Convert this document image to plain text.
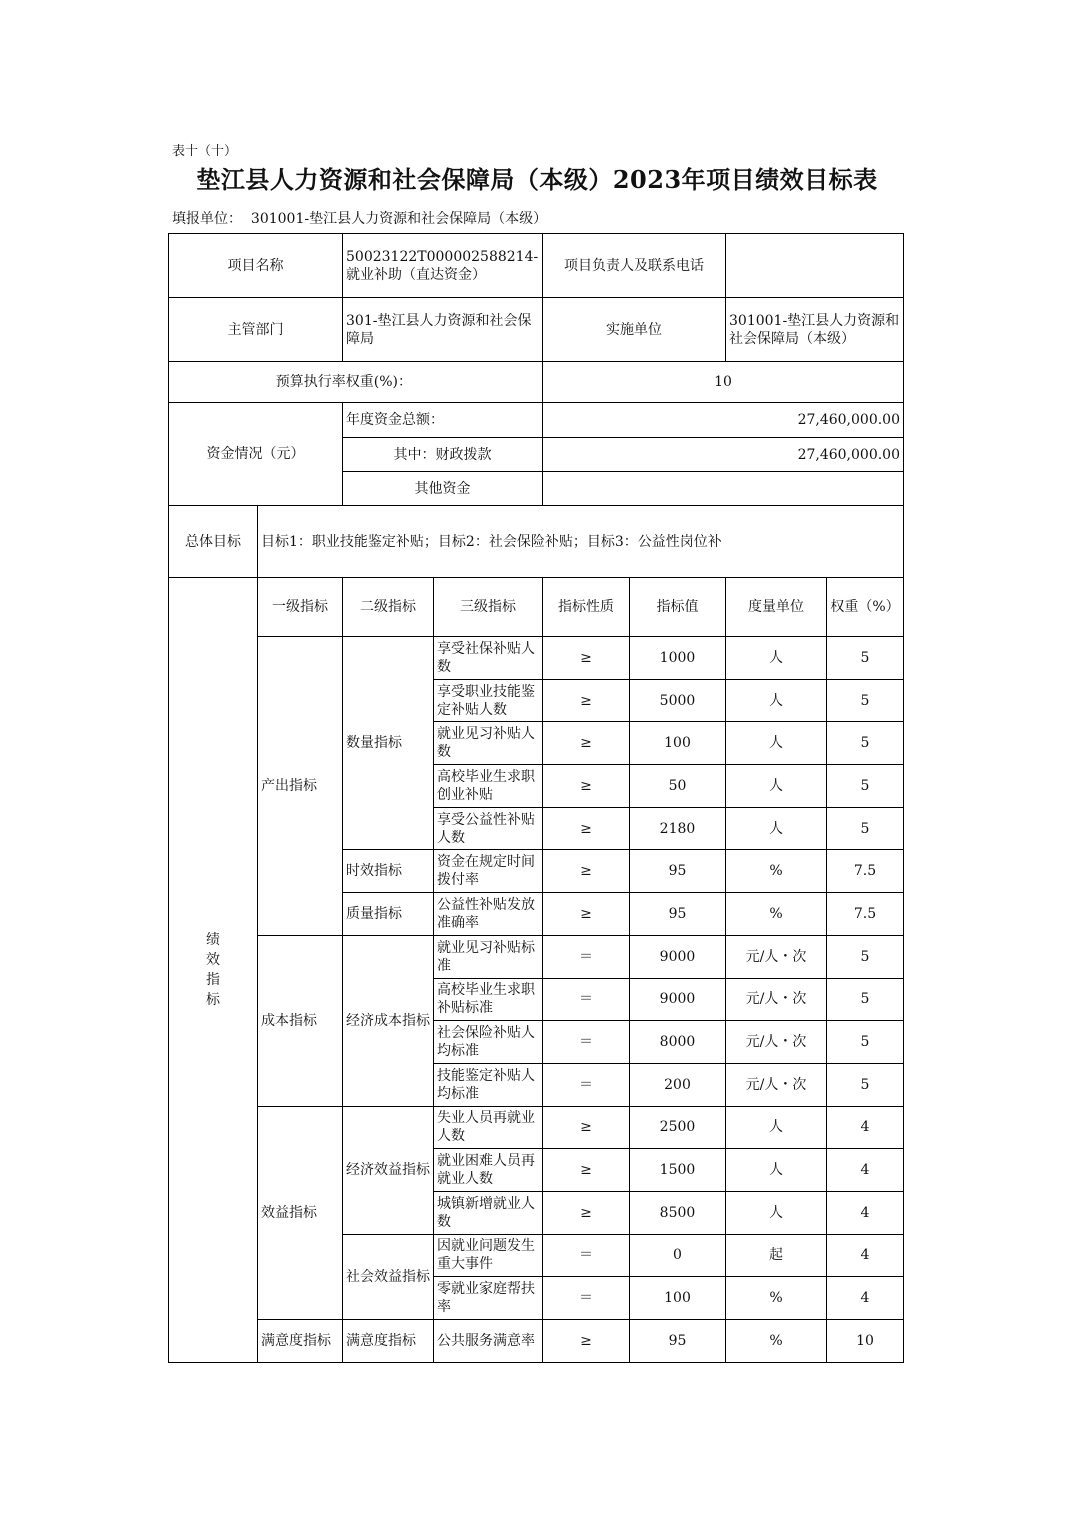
表十（十）
垫江县人力资源和社会保障局（本级）2023年项目绩效目标表
填报单位： 301001-垫江县人力资源和社会保障局（本级）
项目名称		50023122T000002588214-就业补助（直达资金）		项目负责人及联系电话			
主管部门		301-垫江县人力资源和社会保障局		实施单位		301001-垫江县人力资源和社会保障局（本级）	
预算执行率权重(%)：				10			
资金情况（元）		年度资金总额：		27,460,000.00			
		其中：财政拨款		27,460,000.00			
		其他资金					
总体目标	目标1：职业技能鉴定补贴；目标2：社会保险补贴；目标3：公益性岗位补						
绩效指标	一级指标	二级指标	三级指标	指标性质	指标值	度量单位	权重（%）
	产出指标	数量指标	享受社保补贴人数	≥	1000	人	5
			享受职业技能鉴定补贴人数	≥	5000	人	5
			就业见习补贴人数	≥	100	人	5
			高校毕业生求职创业补贴	≥	50	人	5
			享受公益性补贴人数	≥	2180	人	5
		时效指标	资金在规定时间拨付率	≥	95	%	7.5
		质量指标	公益性补贴发放准确率	≥	95	%	7.5
	成本指标	经济成本指标	就业见习补贴标准	＝	9000	元/人・次	5
			高校毕业生求职补贴标准	＝	9000	元/人・次	5
			社会保险补贴人均标准	＝	8000	元/人・次	5
			技能鉴定补贴人均标准	＝	200	元/人・次	5
	效益指标	经济效益指标	失业人员再就业人数	≥	2500	人	4
			就业困难人员再就业人数	≥	1500	人	4
			城镇新增就业人数	≥	8500	人	4
		社会效益指标	因就业问题发生重大事件	＝	0	起	4
			零就业家庭帮扶率	＝	100	%	4
	满意度指标	满意度指标	公共服务满意率	≥	95	%	10
